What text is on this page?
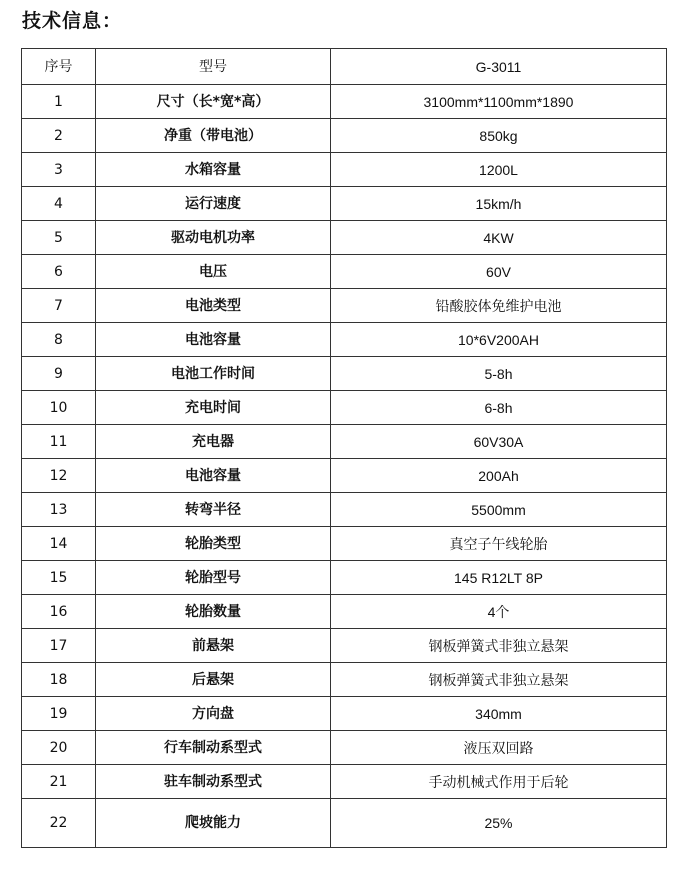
技术信息：
序号	型号	G-3011
1	尺寸（长*宽*高）	3100mm*1100mm*1890
2	净重（带电池）	850kg
3	水箱容量	1200L
4	运行速度	15km/h
5	驱动电机功率	4KW
6	电压	60V
7	电池类型	铅酸胶体免维护电池
8	电池容量	10*6V200AH
9	电池工作时间	5-8h
10	充电时间	6-8h
11	充电器	60V30A
12	电池容量	200Ah
13	转弯半径	5500mm
14	轮胎类型	真空子午线轮胎
15	轮胎型号	145 R12LT 8P
16	轮胎数量	4个
17	前悬架	钢板弹簧式非独立悬架
18	后悬架	钢板弹簧式非独立悬架
19	方向盘	340mm
20	行车制动系型式	液压双回路
21	驻车制动系型式	手动机械式作用于后轮
22	爬坡能力	25%
